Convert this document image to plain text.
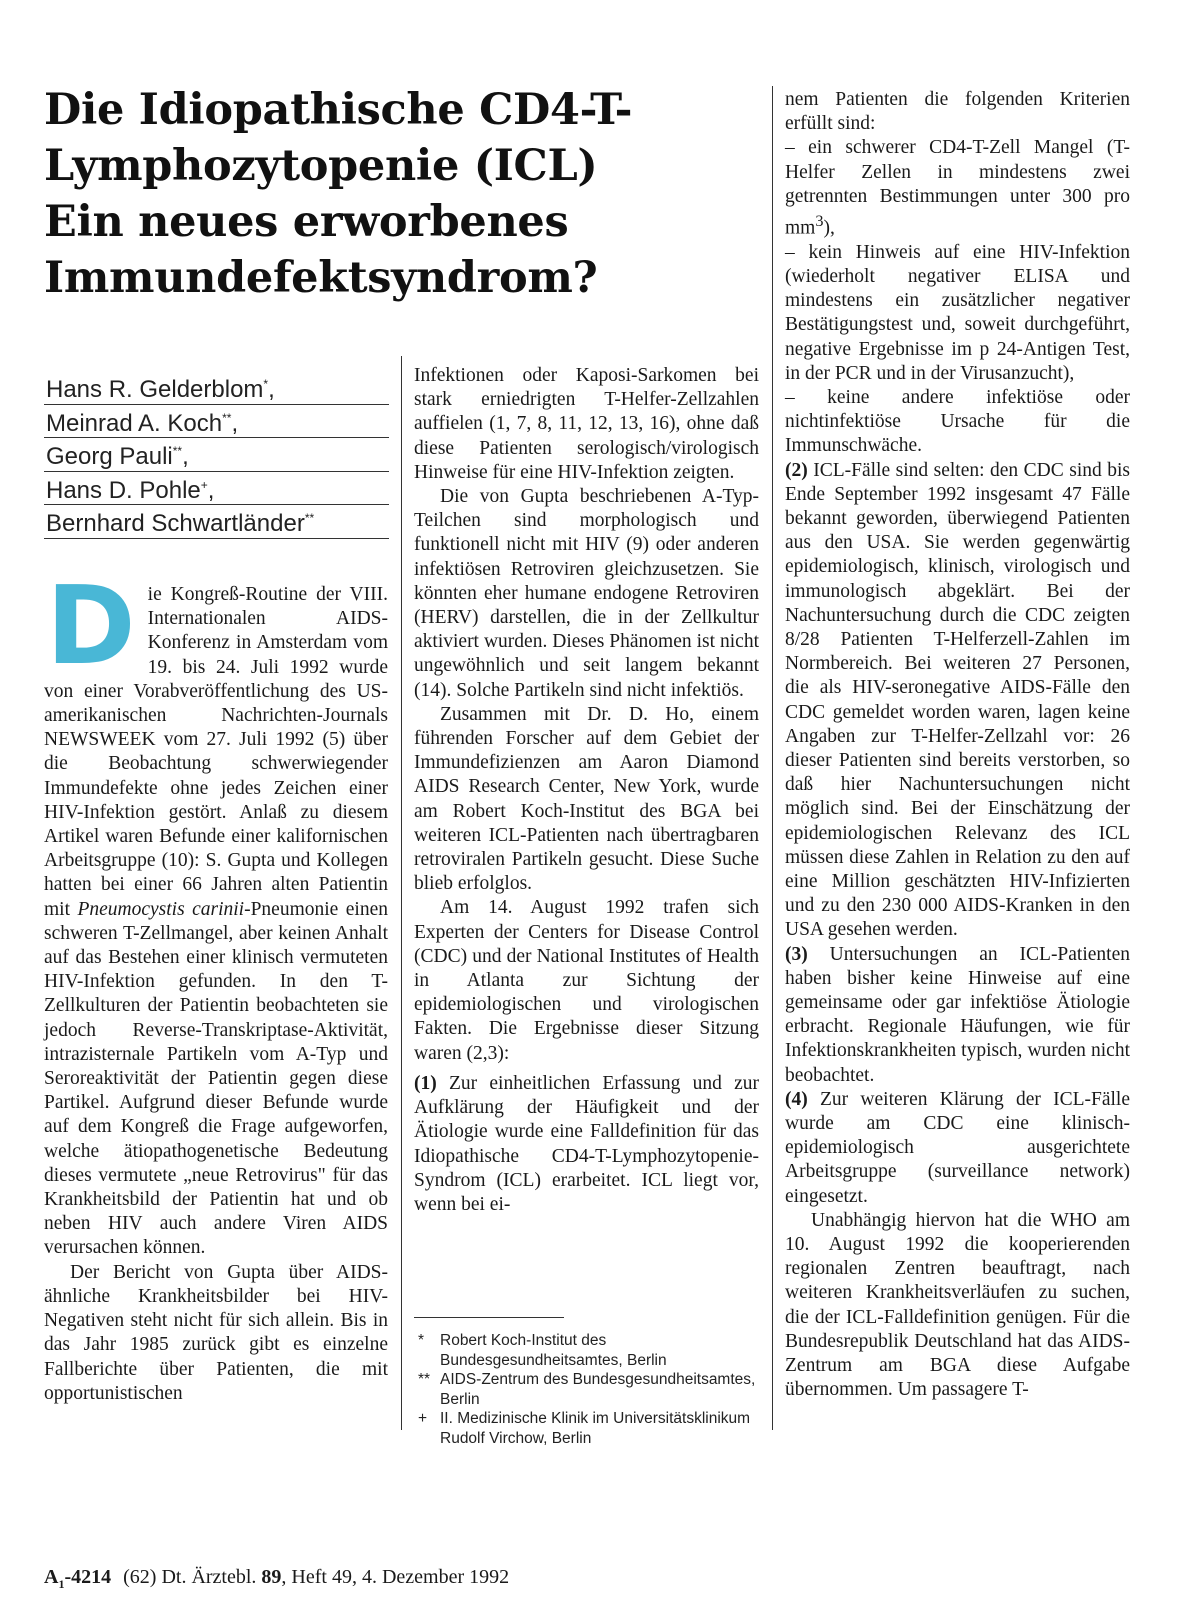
Die Idiopathische CD4-T-
Lymphozytopenie (ICL)
Ein neues erworbenes
Immundefektsyndrom?
Hans R. Gelderblom*,
Meinrad A. Koch**,
Georg Pauli**,
Hans D. Pohle+,
Bernhard Schwartländer**

Die Kongreß-Routine der VIII. Internationalen AIDS-Konferenz in Amsterdam vom 19. bis 24. Juli 1992 wurde von einer Vorabveröffentlichung des US-amerikanischen Nachrichten-Journals NEWSWEEK vom 27. Juli 1992 (5) über die Beobachtung schwerwiegender Immundefekte ohne jedes Zeichen einer HIV-Infektion gestört. Anlaß zu diesem Artikel waren Befunde einer kalifornischen Arbeitsgruppe (10): S. Gupta und Kollegen hatten bei einer 66 Jahren alten Patientin mit Pneumocystis carinii-Pneumonie einen schweren T-Zellmangel, aber keinen Anhalt auf das Bestehen einer klinisch vermuteten HIV-Infektion gefunden. In den T-Zellkulturen der Patientin beobachteten sie jedoch Reverse-Transkriptase-Aktivität, intrazisternale Partikeln vom A-Typ und Seroreaktivität der Patientin gegen diese Partikel. Aufgrund dieser Befunde wurde auf dem Kongreß die Frage aufgeworfen, welche ätiopathogenetische Bedeutung dieses vermutete „neue Retrovirus" für das Krankheitsbild der Patientin hat und ob neben HIV auch andere Viren AIDS verursachen können.

Der Bericht von Gupta über AIDS-ähnliche Krankheitsbilder bei HIV-Negativen steht nicht für sich allein. Bis in das Jahr 1985 zurück gibt es einzelne Fallberichte über Patienten, die mit opportunistischen

Infektionen oder Kaposi-Sarkomen bei stark erniedrigten T-Helfer-Zellzahlen auffielen (1, 7, 8, 11, 12, 13, 16), ohne daß diese Patienten serologisch/virologisch Hinweise für eine HIV-Infektion zeigten.

Die von Gupta beschriebenen A-Typ-Teilchen sind morphologisch und funktionell nicht mit HIV (9) oder anderen infektiösen Retroviren gleichzusetzen. Sie könnten eher humane endogene Retroviren (HERV) darstellen, die in der Zellkultur aktiviert wurden. Dieses Phänomen ist nicht ungewöhnlich und seit langem bekannt (14). Solche Partikeln sind nicht infektiös.

Zusammen mit Dr. D. Ho, einem führenden Forscher auf dem Gebiet der Immundefizienzen am Aaron Diamond AIDS Research Center, New York, wurde am Robert Koch-Institut des BGA bei weiteren ICL-Patienten nach übertragbaren retroviralen Partikeln gesucht. Diese Suche blieb erfolglos.

Am 14. August 1992 trafen sich Experten der Centers for Disease Control (CDC) und der National Institutes of Health in Atlanta zur Sichtung der epidemiologischen und virologischen Fakten. Die Ergebnisse dieser Sitzung waren (2,3):

(1) Zur einheitlichen Erfassung und zur Aufklärung der Häufigkeit und der Ätiologie wurde eine Falldefinition für das Idiopathische CD4-T-Lymphozytopenie-Syndrom (ICL) erarbeitet. ICL liegt vor, wenn bei ei-

*	Robert Koch-Institut des Bundesgesundheitsamtes, Berlin
** AIDS-Zentrum des Bundesgesundheitsamtes, Berlin
+ II. Medizinische Klinik im Universitätsklinikum Rudolf Virchow, Berlin

nem Patienten die folgenden Kriterien erfüllt sind:

– ein schwerer CD4-T-Zell Mangel (T-Helfer Zellen in mindestens zwei getrennten Bestimmungen unter 300 pro $mm^3$),

– kein Hinweis auf eine HIV-Infektion (wiederholt negativer ELISA und mindestens ein zusätzlicher negativer Bestätigungstest und, soweit durchgeführt, negative Ergebnisse im p 24-Antigen Test, in der PCR und in der Virusanzucht),

– keine andere infektiöse oder nichtinfektiöse Ursache für die Immunschwäche.

(2) ICL-Fälle sind selten: den CDC sind bis Ende September 1992 insgesamt 47 Fälle bekannt geworden, überwiegend Patienten aus den USA. Sie werden gegenwärtig epidemiologisch, klinisch, virologisch und immunologisch abgeklärt. Bei der Nachuntersuchung durch die CDC zeigten 8/28 Patienten T-Helferzell-Zahlen im Normbereich. Bei weiteren 27 Personen, die als HIV-seronegative AIDS-Fälle den CDC gemeldet worden waren, lagen keine Angaben zur T-Helfer-Zellzahl vor: 26 dieser Patienten sind bereits verstorben, so daß hier Nachuntersuchungen nicht möglich sind. Bei der Einschätzung der epidemiologischen Relevanz des ICL müssen diese Zahlen in Relation zu den auf eine Million geschätzten HIV-Infizierten und zu den 230 000 AIDS-Kranken in den USA gesehen werden.

(3) Untersuchungen an ICL-Patienten haben bisher keine Hinweise auf eine gemeinsame oder gar infektiöse Ätiologie erbracht. Regionale Häufungen, wie für Infektionskrankheiten typisch, wurden nicht beobachtet.

(4) Zur weiteren Klärung der ICL-Fälle wurde am CDC eine klinisch-epidemiologisch ausgerichtete Arbeitsgruppe (surveillance network) eingesetzt.

Unabhängig hiervon hat die WHO am 10. August 1992 die kooperierenden regionalen Zentren beauftragt, nach weiteren Krankheitsverläufen zu suchen, die der ICL-Falldefinition genügen. Für die Bundesrepublik Deutschland hat das AIDS-Zentrum am BGA diese Aufgabe übernommen. Um passagere T-

$A_1-4214$ (62) Dt. Ärztebl. 89, Heft 49, 4. Dezember 1992
